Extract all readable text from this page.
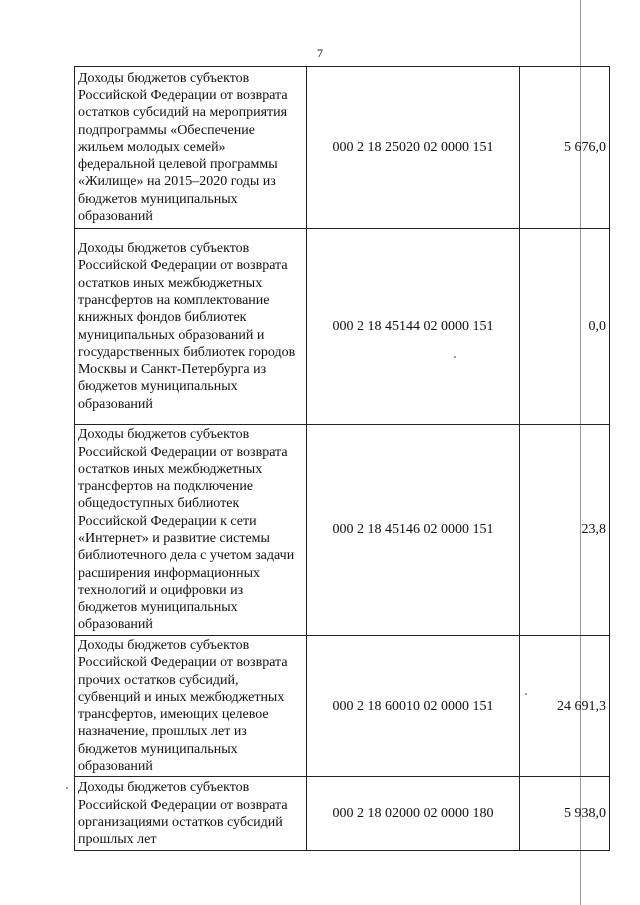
7
Доходы бюджетов субъектов Российской Федерации от возврата остатков субсидий на мероприятия подпрограммы «Обеспечение жильем молодых семей» федеральной целевой программы «Жилище» на 2015–2020 годы из бюджетов муниципальных образований	000 2 18 25020 02 0000 151	5 676,0
Доходы бюджетов субъектов Российской Федерации от возврата остатков иных межбюджетных трансфертов на комплектование книжных фондов библиотек муниципальных образований и государственных библиотек городов Москвы и Санкт-Петербурга из бюджетов муниципальных образований	000 2 18 45144 02 0000 151	0,0
Доходы бюджетов субъектов Российской Федерации от возврата остатков иных межбюджетных трансфертов на подключение общедоступных библиотек Российской Федерации к сети «Интернет» и развитие системы библиотечного дела с учетом задачи расширения информационных технологий и оцифровки из бюджетов муниципальных образований	000 2 18 45146 02 0000 151	23,8
Доходы бюджетов субъектов Российской Федерации от возврата прочих остатков субсидий, субвенций и иных межбюджетных трансфертов, имеющих целевое назначение, прошлых лет из бюджетов муниципальных образований	000 2 18 60010 02 0000 151	24 691,3
Доходы бюджетов субъектов Российской Федерации от возврата организациями остатков субсидий прошлых лет	000 2 18 02000 02 0000 180	5 938,0
